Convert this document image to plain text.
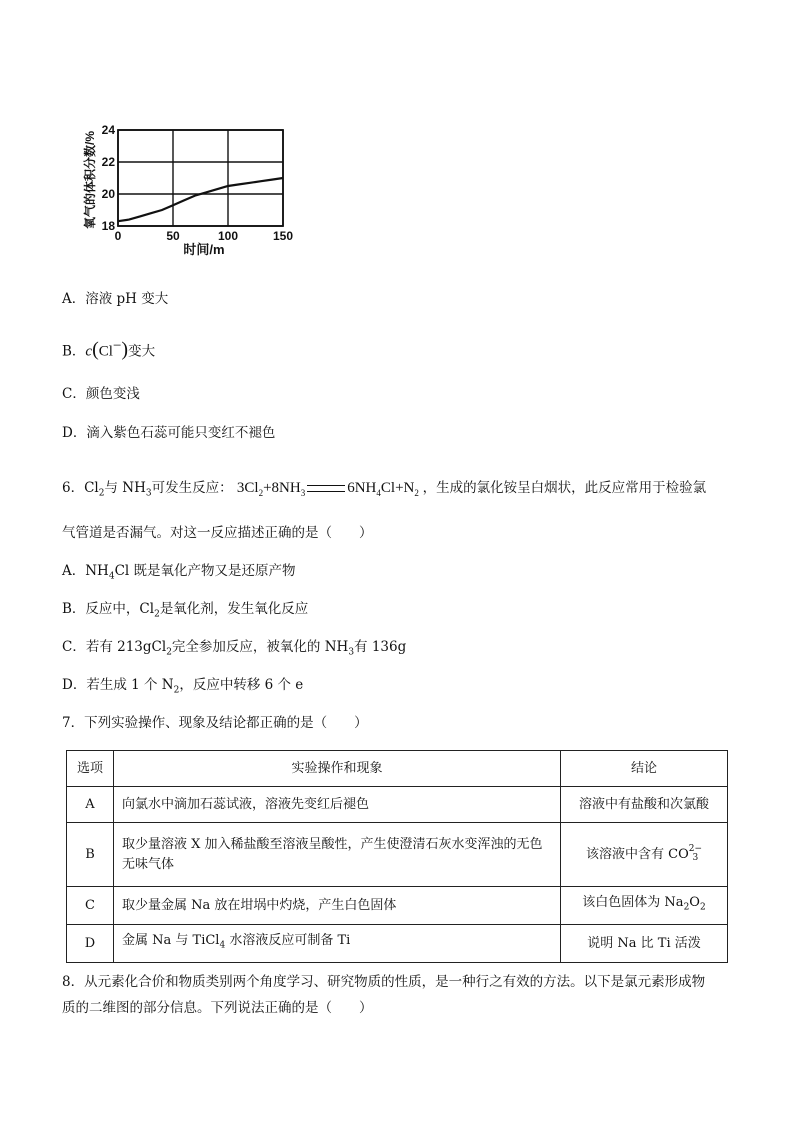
0	50	100	150
18
20
22
24
时间/m
氧气的体积分数/%
A．溶液 pH 变大
B．c(Cl−)变大
C．颜色变浅
D．滴入紫色石蕊可能只变红不褪色
6．$Cl_2$与 $NH_3$可发生反应： $3Cl_2+8NH_3$	$6NH_4Cl+N_2$ ，生成的氯化铵呈白烟状，此反应常用于检验氯
气管道是否漏气。对这一反应描述正确的是（　　）
A．$NH_4Cl$ 既是氧化产物又是还原产物
B．反应中，$Cl_2$是氧化剂，发生氧化反应
C．若有 213gCl$_2$完全参加反应，被氧化的 $NH_3$有 136g
D．若生成 1 个 $N_2$，反应中转移 6 个 e
7．下列实验操作、现象及结论都正确的是（　　）
选项	实验操作和现象	结论
A	向氯水中滴加石蕊试液，溶液先变红后褪色	溶液中有盐酸和次氯酸
B	取少量溶液 X 加入稀盐酸至溶液呈酸性，产生使澄清石灰水变浑浊的无色无味气体	该溶液中含有 CO 2−
3

C	取少量金属 Na 放在坩埚中灼烧，产生白色固体	该白色固体为 $Na_2O_2$
D	金属 Na 与 TiCl$_4$ 水溶液反应可制备 Ti	说明 Na 比 Ti 活泼
8．从元素化合价和物质类别两个角度学习、研究物质的性质，是一种行之有效的方法。以下是氯元素形成物
质的二维图的部分信息。下列说法正确的是（　　）
